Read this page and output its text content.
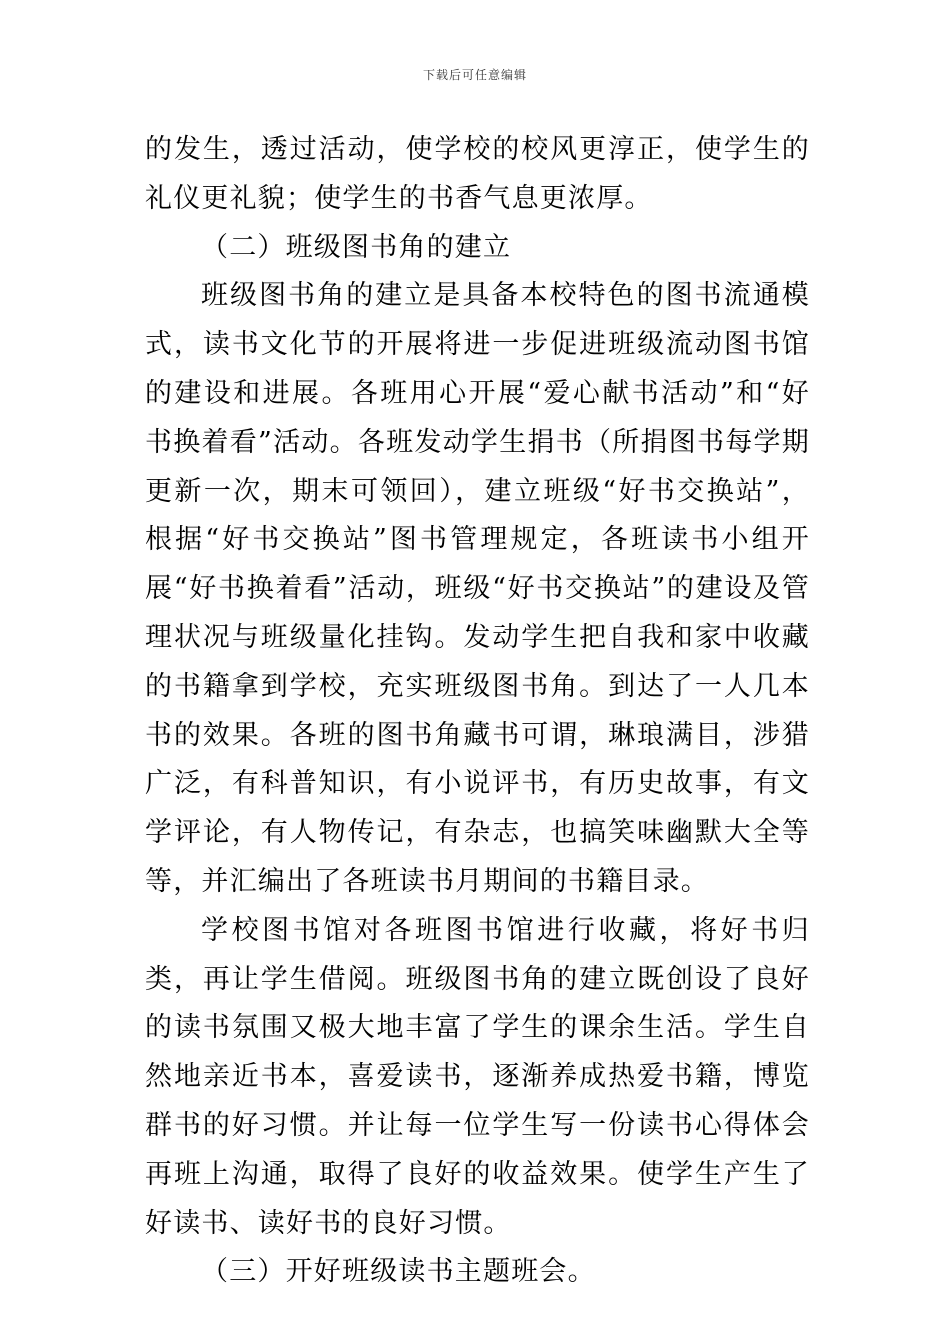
下载后可任意编辑

的发生，透过活动，使学校的校风更淳正，使学生的礼仪更礼貌；使学生的书香气息更浓厚。

（二）班级图书角的建立

班级图书角的建立是具备本校特色的图书流通模式，读书文化节的开展将进一步促进班级流动图书馆的建设和进展。各班用心开展“爱心献书活动”和“好书换着看”活动。各班发动学生捐书（所捐图书每学期更新一次，期末可领回），建立班级“好书交换站”，根据“好书交换站”图书管理规定，各班读书小组开展“好书换着看”活动，班级“好书交换站”的建设及管理状况与班级量化挂钩。发动学生把自我和家中收藏的书籍拿到学校，充实班级图书角。到达了一人几本书的效果。各班的图书角藏书可谓，琳琅满目，涉猎广泛，有科普知识，有小说评书，有历史故事，有文学评论，有人物传记，有杂志，也搞笑味幽默大全等等，并汇编出了各班读书月期间的书籍目录。

学校图书馆对各班图书馆进行收藏，将好书归类，再让学生借阅。班级图书角的建立既创设了良好的读书氛围又极大地丰富了学生的课余生活。学生自然地亲近书本，喜爱读书，逐渐养成热爱书籍，博览群书的好习惯。并让每一位学生写一份读书心得体会再班上沟通，取得了良好的收益效果。使学生产生了好读书、读好书的良好习惯。

（三）开好班级读书主题班会。
